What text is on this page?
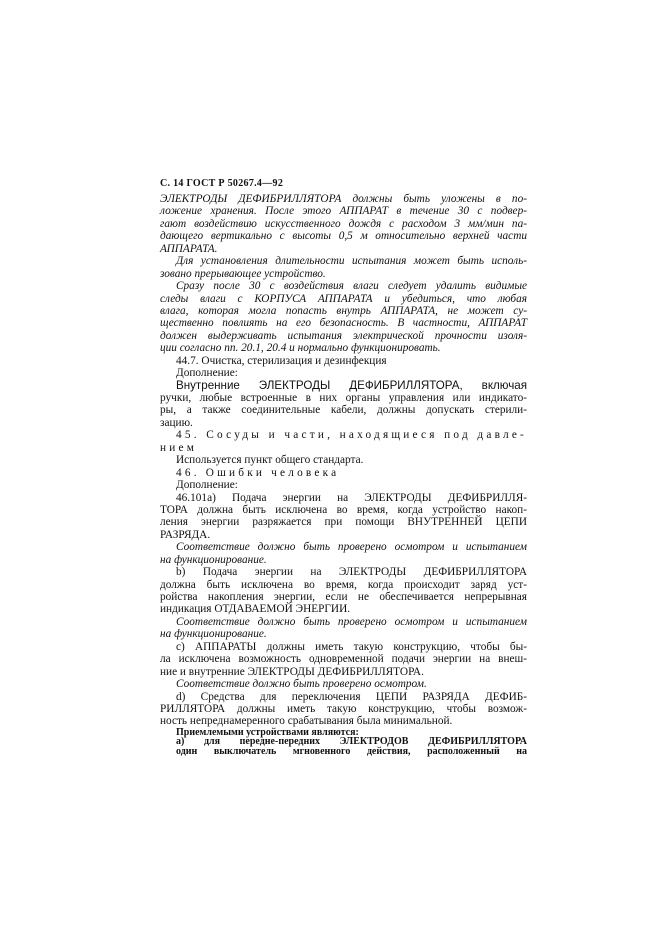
С. 14 ГОСТ Р 50267.4—92
ЭЛЕКТРОДЫ ДЕФИБРИЛЛЯТОРА должны быть уложены в по-
ложение хранения. После этого АППАРАТ в течение 30 с подвер-
гают воздействию искусственного дождя с расходом 3 мм/мин па-
дающего вертикально с высоты 0,5 м относительно верхней части
АППАРАТА.
Для установления длительности испытания может быть исполь-
зовано прерывающее устройство.
Сразу после 30 с воздействия влаги следует удалить видимые
следы влаги с КОРПУСА АППАРАТА и убедиться, что любая
влага, которая могла попасть внутрь АППАРАТА, не может су-
щественно повлиять на его безопасность. В частности, АППАРАТ
должен выдерживать испытания электрической прочности изоля-
ции согласно пп. 20.1, 20.4 и нормально функционировать.
44.7. Очистка, стерилизация и дезинфекция
Дополнение:
Внутренние ЭЛЕКТРОДЫ ДЕФИБРИЛЛЯТОРА, включая
ручки, любые встроенные в них органы управления или индикато-
ры, а также соединительные кабели, должны допускать стерили-
зацию.
45. Сосуды и части, находящиеся под давле-
нием
Используется пункт общего стандарта.
46. Ошибки человека
Дополнение:
46.101а) Подача энергии на ЭЛЕКТРОДЫ ДЕФИБРИЛЛЯ-
ТОРА должна быть исключена во время, когда устройство накоп-
ления энергии разряжается при помощи ВНУТРЕННЕЙ ЦЕПИ
РАЗРЯДА.
Соответствие должно быть проверено осмотром и испытанием
на функционирование.
b) Подача энергии на ЭЛЕКТРОДЫ ДЕФИБРИЛЛЯТОРА
должна быть исключена во время, когда происходит заряд уст-
ройства накопления энергии, если не обеспечивается непрерывная
индикация ОТДАВАЕМОЙ ЭНЕРГИИ.
Соответствие должно быть проверено осмотром и испытанием
на функционирование.
с) АППАРАТЫ должны иметь такую конструкцию, чтобы бы-
ла исключена возможность одновременной подачи энергии на внеш-
ние и внутренние ЭЛЕКТРОДЫ ДЕФИБРИЛЛЯТОРА.
Соответствие должно быть проверено осмотром.
d) Средства для переключения ЦЕПИ РАЗРЯДА ДЕФИБ-
РИЛЛЯТОРА должны иметь такую конструкцию, чтобы возмож-
ность непреднамеренного срабатывания была минимальной.
Приемлемыми устройствами являются:
а) для передне-передних ЭЛЕКТРОДОВ ДЕФИБРИЛЛЯТОРА
один выключатель мгновенного действия, расположенный на
